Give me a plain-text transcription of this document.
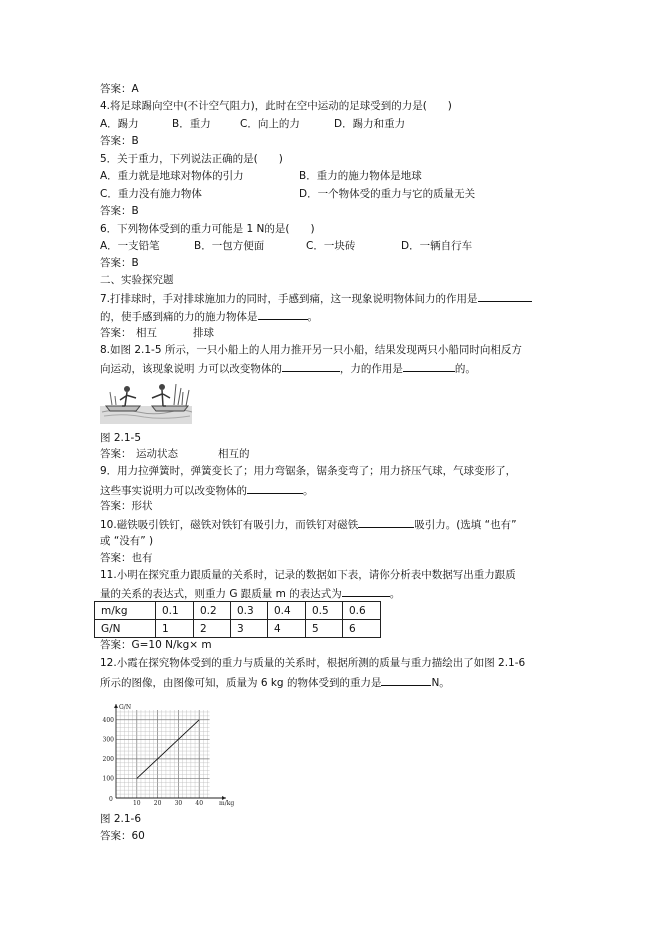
答案：A
4.将足球踢向空中(不计空气阻力)，此时在空中运动的足球受到的力是(　　)
A．踢力	B．重力	C．向上的力	D．踢力和重力
答案：B
5．关于重力，下列说法正确的是(　　)
A．重力就是地球对物体的引力	B．重力的施力物体是地球
C．重力没有施力物体	D．一个物体受的重力与它的质量无关
答案：B
6．下列物体受到的重力可能是 1 N的是(　　)
A．一支铅笔	B．一包方便面	C．一块砖	D．一辆自行车
答案：B
二、实验探究题
7.打排球时，手对排球施加力的同时，手感到痛，这一现象说明物体间力的作用是
的，使手感到痛的力的施力物体是	。
答案： 相互	排球
8.如图 2.1-5 所示，一只小船上的人用力推开另一只小船，结果发现两只小船同时向相反方
向运动，该现象说明 力可以改变物体的	，力的作用是	的。
图 2.1-5
答案： 运动状态	相互的
9．用力拉弹簧时，弹簧变长了；用力弯锯条，锯条变弯了；用力挤压气球，气球变形了，
这些事实说明力可以改变物体的	。
答案：形状
10.磁铁吸引铁钉，磁铁对铁钉有吸引力，而铁钉对磁铁	吸引力。(选填 “也有”
或 “没有” )
答案：也有
11.小明在探究重力跟质量的关系时，记录的数据如下表，请你分析表中数据写出重力跟质
量的关系的表达式，则重力 G 跟质量 m 的表达式为	。
m/kg	0.1	0.2	0.3	0.4	0.5	0.6
G/N	1	2	3	4	5	6
答案：G=10 N/kg× m
12.小霞在探究物体受到的重力与质量的关系时，根据所测的质量与重力描绘出了如图 2.1-6
所示的图像，由图像可知，质量为 6 kg 的物体受到的重力是	N。
10 20 30 40
100
200
300
400
G/N
m/kg
0
图 2.1-6
答案：60
